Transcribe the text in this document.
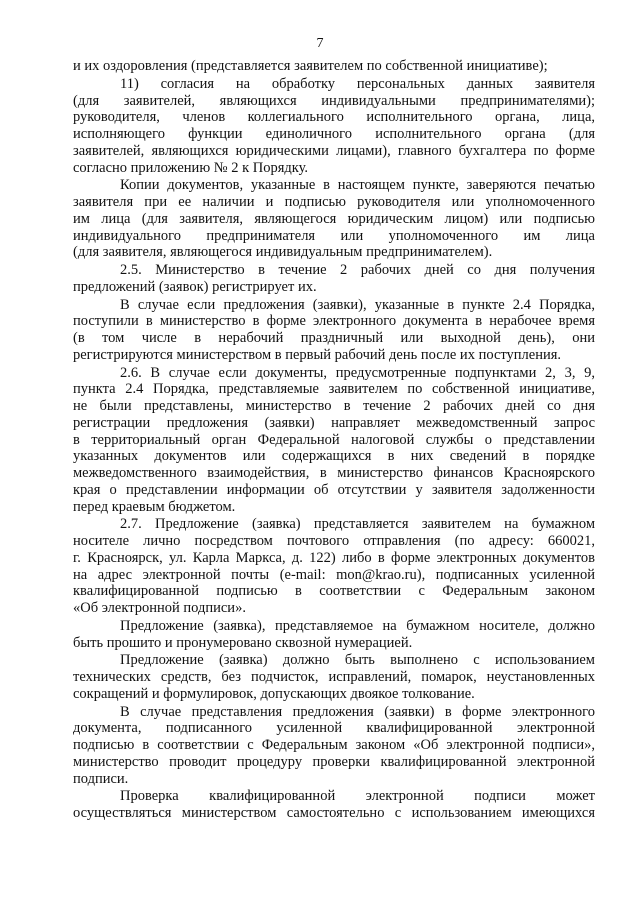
7
и их оздоровления (представляется заявителем по собственной инициативе);
11) согласия на обработку персональных данных заявителя
(для заявителей, являющихся индивидуальными предпринимателями);
руководителя, членов коллегиального исполнительного органа, лица,
исполняющего функции единоличного исполнительного органа (для
заявителей, являющихся юридическими лицами), главного бухгалтера по форме
согласно приложению № 2 к Порядку.
Копии документов, указанные в настоящем пункте, заверяются печатью
заявителя при ее наличии и подписью руководителя или уполномоченного
им лица (для заявителя, являющегося юридическим лицом) или подписью
индивидуального предпринимателя или уполномоченного им лица
(для заявителя, являющегося индивидуальным предпринимателем).
2.5. Министерство в течение 2 рабочих дней со дня получения
предложений (заявок) регистрирует их.
В случае если предложения (заявки), указанные в пункте 2.4 Порядка,
поступили в министерство в форме электронного документа в нерабочее время
(в том числе в нерабочий праздничный или выходной день), они
регистрируются министерством в первый рабочий день после их поступления.
2.6. В случае если документы, предусмотренные подпунктами 2, 3, 9,
пункта 2.4 Порядка, представляемые заявителем по собственной инициативе,
не были представлены, министерство в течение 2 рабочих дней со дня
регистрации предложения (заявки) направляет межведомственный запрос
в территориальный орган Федеральной налоговой службы о представлении
указанных документов или содержащихся в них сведений в порядке
межведомственного взаимодействия, в министерство финансов Красноярского
края о представлении информации об отсутствии у заявителя задолженности
перед краевым бюджетом.
2.7. Предложение (заявка) представляется заявителем на бумажном
носителе лично посредством почтового отправления (по адресу: 660021,
г. Красноярск, ул. Карла Маркса, д. 122) либо в форме электронных документов
на адрес электронной почты (e-mail: mon@krao.ru), подписанных усиленной
квалифицированной подписью в соответствии с Федеральным законом
«Об электронной подписи».
Предложение (заявка), представляемое на бумажном носителе, должно
быть прошито и пронумеровано сквозной нумерацией.
Предложение (заявка) должно быть выполнено с использованием
технических средств, без подчисток, исправлений, помарок, неустановленных
сокращений и формулировок, допускающих двоякое толкование.
В случае представления предложения (заявки) в форме электронного
документа, подписанного усиленной квалифицированной электронной
подписью в соответствии с Федеральным законом «Об электронной подписи»,
министерство проводит процедуру проверки квалифицированной электронной
подписи.
Проверка квалифицированной электронной подписи может
осуществляться министерством самостоятельно с использованием имеющихся
